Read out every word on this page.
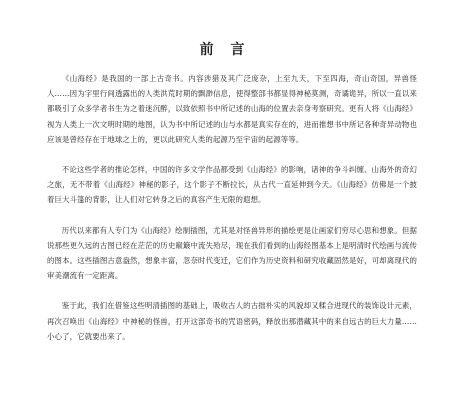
前 言

《山海经》是我国的一部上古奇书。内容涉猎及其广泛庞杂，上至九天，下至四海，奇山奇国，异兽怪人……因为字里行间透露出的人类洪荒时期的飘渺信息，使得整部书都显得神秘莫测，奇谲诡异，所以一直以来都吸引了众多学者书生为之着迷沉醉，以致依照书中所记述的山海的位置去亲身考察研究。更有人将《山海经》视为人类上一次文明时期的地图，认为书中所记述的山与水都是真实存在的，进而推想书中所记各种奇异动物也应该是曾经存在于地球之上的，更以此研究人类的起源乃至宇宙的起源等等。

不论这些学者的推论怎样，中国的许多文学作品都受到《山海经》的影响，诸神的争斗纠缠、山海外的奇幻之旅，无不带着《山海经》神秘的影子，这个影子不断拉长，从古代一直延伸到今天。《山海经》仿佛是一个披着巨大斗篷的背影，让人们对它转身之后的真容产生无限的遐想。

历代以来都有人专门为《山海经》绘制插图，尤其是对怪兽异形的描绘更是让画家们穷尽心思和想象。但据说那些更久远的古图已经在茫茫的历史巅簸中流失殆尽，现在我们看到的山海经图基本上是明清时代绘画与流传的图本。这些插图古意盎然，想象丰富，忽奈时代变迁，它们作为历史资料和研究收藏固然是好，可却离现代的审美潮流有一定距离。

鉴于此，我们在借鉴这些明清插图的基础上，吸收古人的古拙朴实的风貌却又糅合进现代的装饰设计元素，再次召唤出《山海经》中神秘的怪兽，打开这部奇书的咒语密码，释放出那潜藏其中的来自远古的巨大力量……小心了，它就要出来了。
